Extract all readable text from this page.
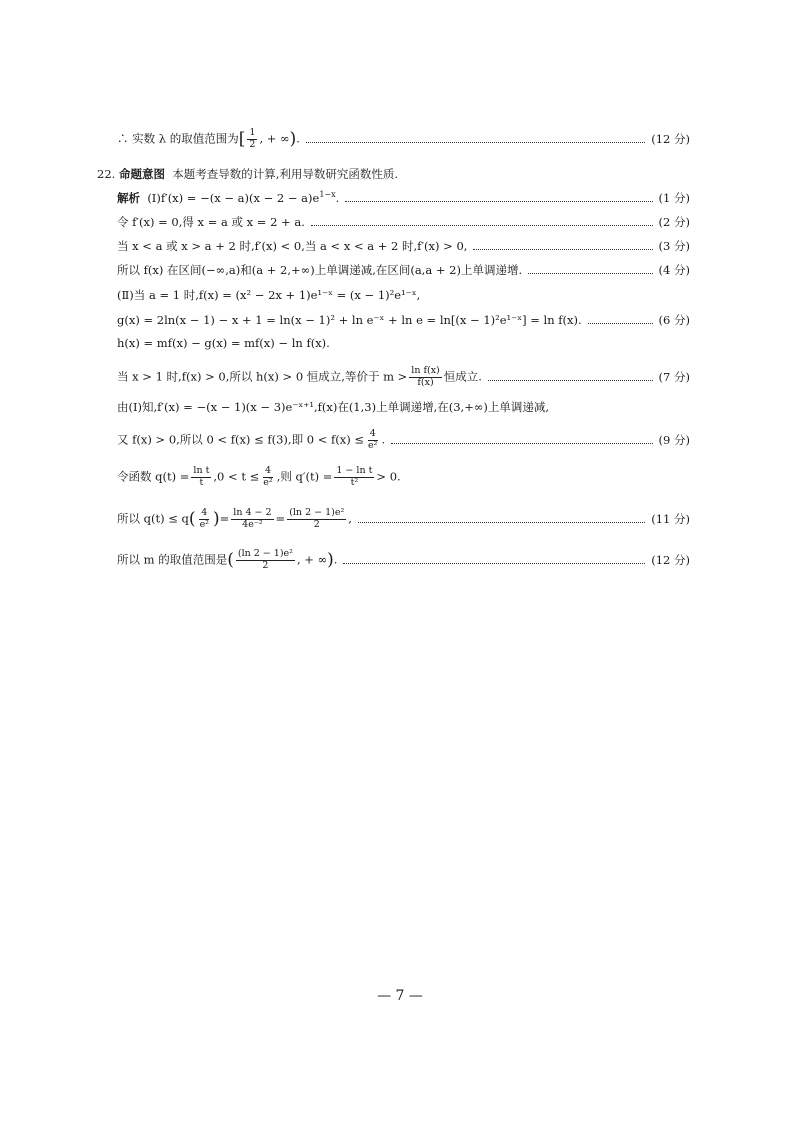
∴ 实数 λ 的取值范围为[ $\frac{1}{2}$ , + ∞).	(12 分)
22. 命题意图 本题考查导数的计算,利用导数研究函数性质.
解析 (Ⅰ)f′(x) = $-(x - a)(x - 2 - a)e^{1-x}$.	(1 分)
令 f′(x) = 0,得 x = a 或 x = 2 + a.	(2 分)
当 x < a 或 x > a + 2 时,f′(x) < 0,当 a < x < a + 2 时,f′(x) > 0,	(3 分)
所以 f(x) 在区间(−∞,a)和(a + 2,+∞)上单调递减,在区间(a,a + 2)上单调递增.	(4 分)
(Ⅱ)当 a = 1 时,f(x) = (x² − 2x + 1)e¹⁻ˣ = (x − 1)²e¹⁻ˣ,
g(x) = 2ln(x − 1) − x + 1 = ln(x − 1)² + ln e⁻ˣ + ln e = ln[(x − 1)²e¹⁻ˣ] = ln f(x).	(6 分)
h(x) = mf(x) − g(x) = mf(x) − ln f(x).
当 x > 1 时,f(x) > 0,所以 h(x) > 0 恒成立,等价于 $m > \frac{\text{ln f(x)}}{f(x)}$ 恒成立.	(7 分)
由(Ⅰ)知,f′(x) = −(x − 1)(x − 3)e⁻ˣ⁺¹,f(x)在(1,3)上单调递增,在(3,+∞)上单调递减,
又 f(x) > 0,所以 0 < f(x) ≤ f(3),即 $0 < f(x) \le \frac{4}{\text{e²}}$ .	(9 分)
令函数 $q(t) = \frac{\text{ln t}}{t} ,0 < t \le \frac{4}{\text{e²}}$ ,则 $q'(t) = \frac{\text{1 − ln t}}{\text{t²}} > 0$.
所以 $q(t) \le q( \frac{4}{\text{e²}}$ )= $\frac{\ln 4 - 2}{\text{4e⁻²}} = \frac{\text{(ln 2 − 1)e²}}{2}$ ,	(11 分)
所以 m 的取值范围是( $\frac{\text{(ln 2 − 1)e²}}{2}$ , + ∞).	(12 分)
— 7 —
